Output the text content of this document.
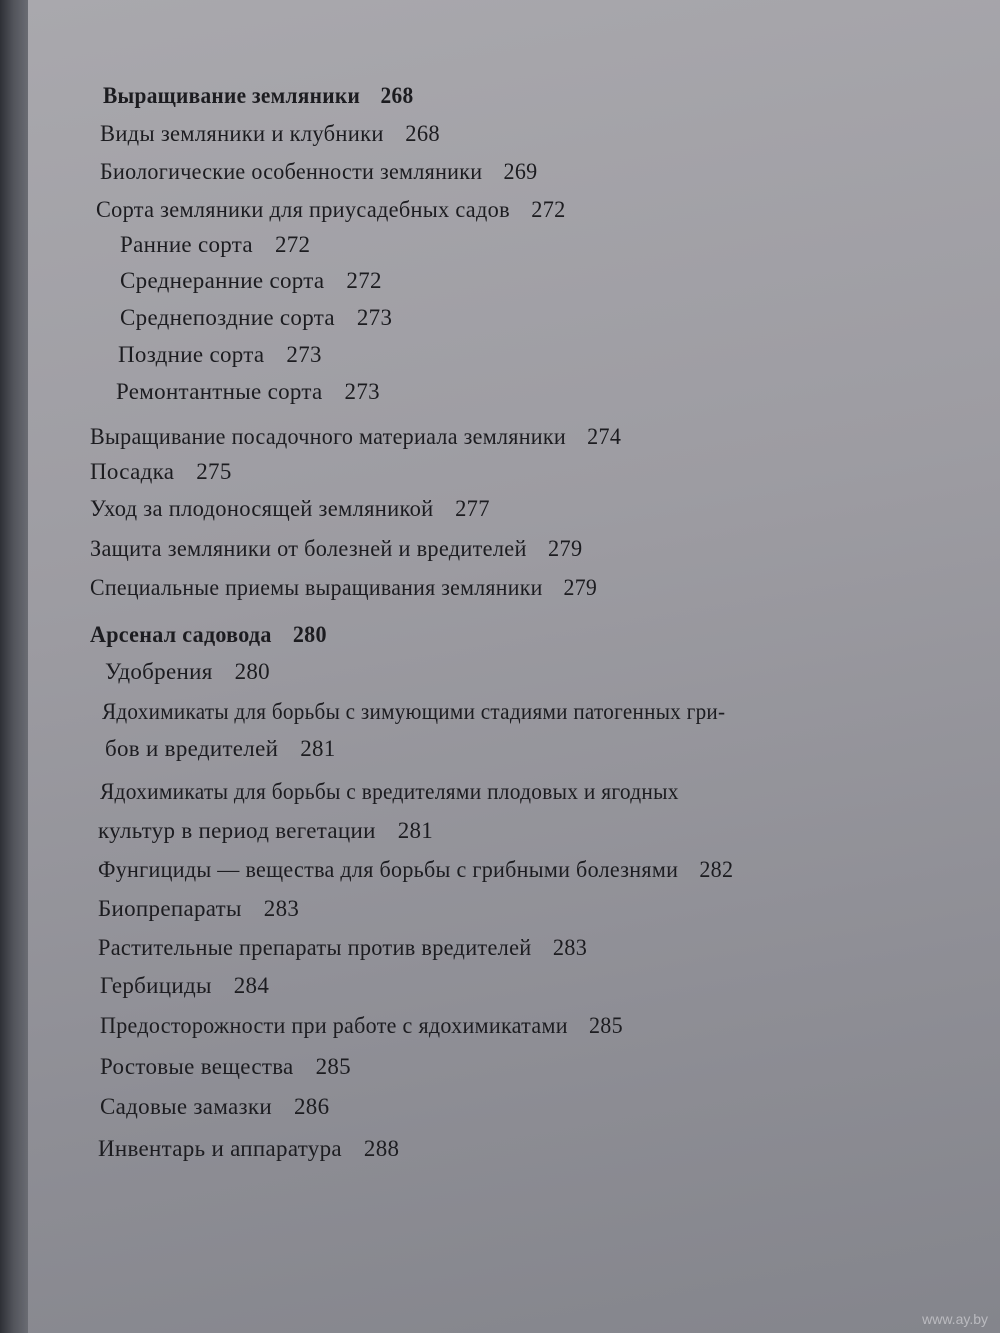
Выращивание земляники 268
Виды земляники и клубники 268
Биологические особенности земляники 269
Сорта земляники для приусадебных садов 272
Ранние сорта 272
Среднеранние сорта 272
Среднепоздние сорта 273
Поздние сорта 273
Ремонтантные сорта 273
Выращивание посадочного материала земляники 274
Посадка 275
Уход за плодоносящей земляникой 277
Защита земляники от болезней и вредителей 279
Специальные приемы выращивания земляники 279
Арсенал садовода 280
Удобрения 280
Ядохимикаты для борьбы с зимующими стадиями патогенных гри-
бов и вредителей 281
Ядохимикаты для борьбы с вредителями плодовых и ягодных
культур в период вегетации 281
Фунгициды — вещества для борьбы с грибными болезнями 282
Биопрепараты 283
Растительные препараты против вредителей 283
Гербициды 284
Предосторожности при работе с ядохимикатами 285
Ростовые вещества 285
Садовые замазки 286
Инвентарь и аппаратура 288
www.ay.by
